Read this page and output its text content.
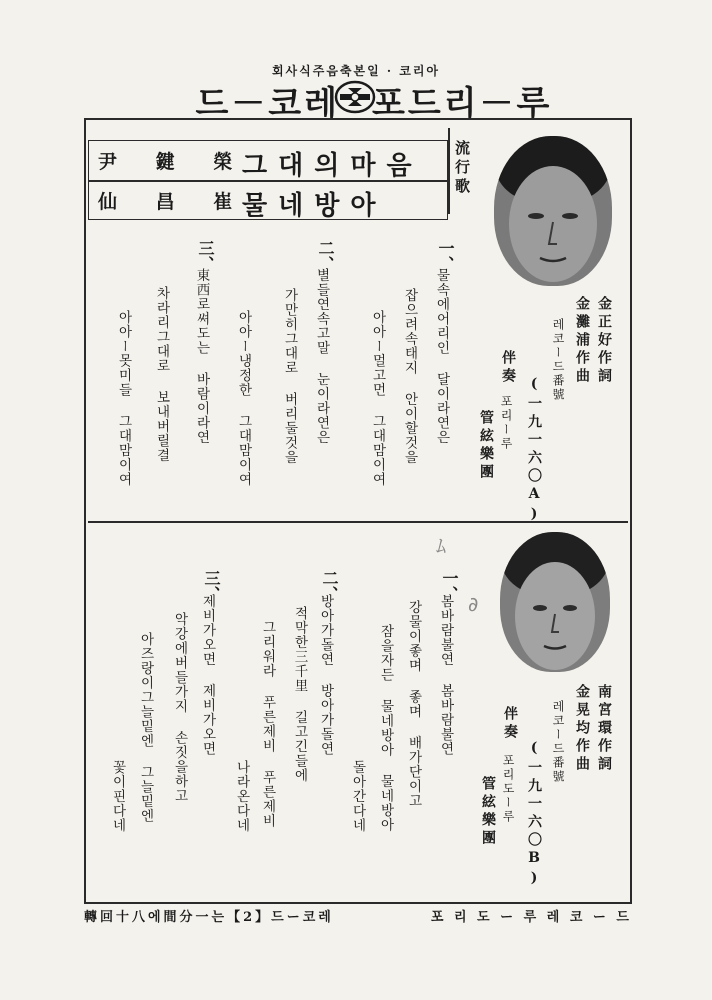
회사식주음축본일 · 코리아
드－코레 포드리－루
그대의마음
尹 鍵 榮
물네방아
仙 昌 崔
流行歌
一、
물속에어리인 달이라연은
잡으려속태지 안이할것을
아아ー멀고먼 그대맘이여
二、
별들연속고말 눈이라연은
가만히그대로 버리둘것을
아아ー냉정한 그대맘이여
三、
東西로쎠도는 바람이라연
차라리그대로 보내버릴결
아아ー못미들 그대맘이여	金正好作詞
金灘浦作曲
레코ー드番號
(一九一六〇A)
伴奏
포리ー루
管絃樂團
ﾑ
∂
一、
봄바람불연 봄바람불연
강물이좋며 좋며 배가단이고
잠을자든 물네방아 물네방아
돌아간다네
二、
방아가돌연 방아가돌연
적막한三千里 길고긴들에
그리워라 푸른제비 푸른제비
나라온다네
三、
제비가오면 제비가오면
악강에버들가지 손짓을하고
아즈랑이그늘밑엔 그늘밑엔
꽃이핀다네
南宮環作詞
金晃均作曲
레코ー드番號
(一九一六〇B)
伴奏
포리도ー루
管絃樂團
轉回十八에間分一는【2】드ー코레	포 리 도 ー 루 레 코 ー 드
